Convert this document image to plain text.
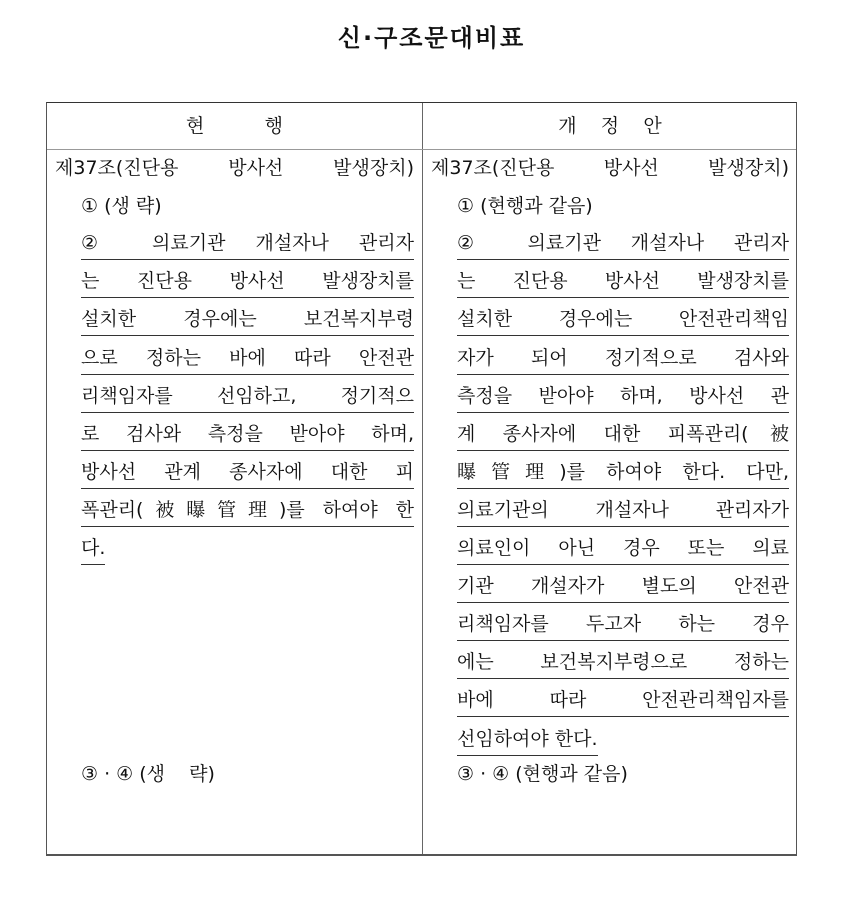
신·구조문대비표
현          행	개    정    안
제37조(진단용 방사선 발생장치)
① (생 략)
② 의료기관 개설자나 관리자
는 진단용 방사선 발생장치를
설치한 경우에는 보건복지부령
으로 정하는 바에 따라 안전관
리책임자를 선임하고, 정기적으
로 검사와 측정을 받아야 하며,
방사선 관계 종사자에 대한 피
폭관리(被曝管理)를 하여야 한
다.
③ · ④ (생    략)
제37조(진단용 방사선 발생장치)
① (현행과 같음)
② 의료기관 개설자나 관리자
는 진단용 방사선 발생장치를
설치한 경우에는 안전관리책임
자가 되어 정기적으로 검사와
측정을 받아야 하며, 방사선 관
계 종사자에 대한 피폭관리(被
曝管理)를 하여야 한다. 다만,
의료기관의 개설자나 관리자가
의료인이 아닌 경우 또는 의료
기관 개설자가 별도의 안전관
리책임자를 두고자 하는 경우
에는 보건복지부령으로 정하는
바에 따라 안전관리책임자를
선임하여야 한다.
③ · ④ (현행과 같음)
